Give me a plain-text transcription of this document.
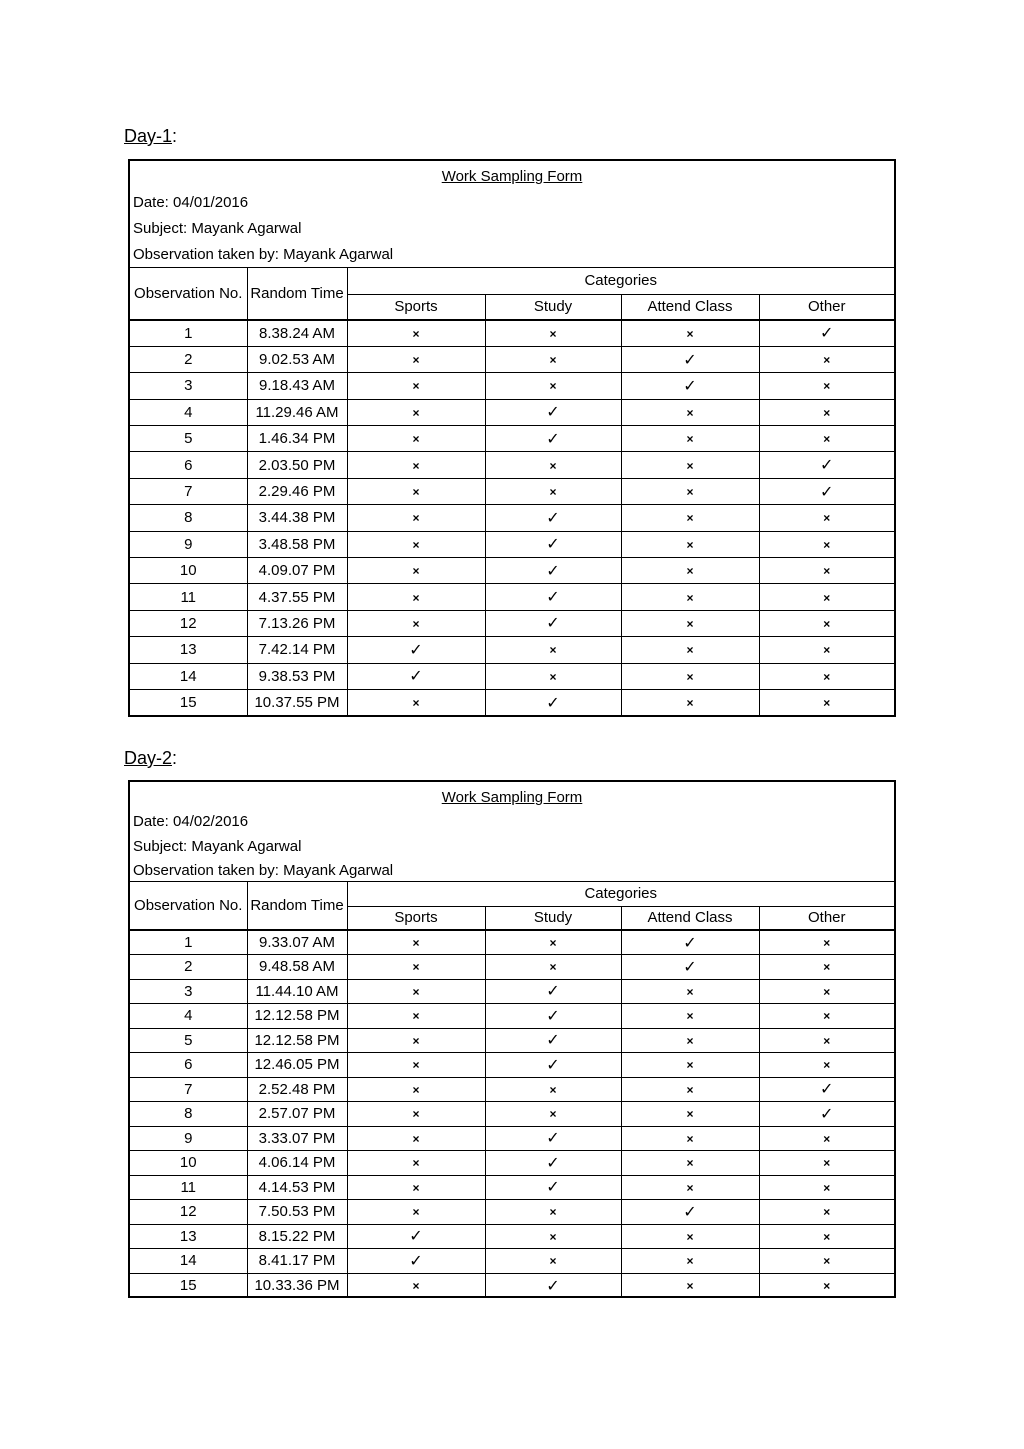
Day-1:
Work Sampling Form
Date: 04/01/2016
Subject: Mayank Agarwal
Observation taken by: Mayank Agarwal
Observation No.	Random Time	Categories			
		Sports	Study	Attend Class	Other
1	8.38.24 AM	×	×	×	✓
2	9.02.53 AM	×	×	✓	×
3	9.18.43 AM	×	×	✓	×
4	11.29.46 AM	×	✓	×	×
5	1.46.34 PM	×	✓	×	×
6	2.03.50 PM	×	×	×	✓
7	2.29.46 PM	×	×	×	✓
8	3.44.38 PM	×	✓	×	×
9	3.48.58 PM	×	✓	×	×
10	4.09.07 PM	×	✓	×	×
11	4.37.55 PM	×	✓	×	×
12	7.13.26 PM	×	✓	×	×
13	7.42.14 PM	✓	×	×	×
14	9.38.53 PM	✓	×	×	×
15	10.37.55 PM	×	✓	×	×
Day-2:
Work Sampling Form
Date: 04/02/2016
Subject: Mayank Agarwal
Observation taken by: Mayank Agarwal
Observation No.	Random Time	Categories			
		Sports	Study	Attend Class	Other
1	9.33.07 AM	×	×	✓	×
2	9.48.58 AM	×	×	✓	×
3	11.44.10 AM	×	✓	×	×
4	12.12.58 PM	×	✓	×	×
5	12.12.58 PM	×	✓	×	×
6	12.46.05 PM	×	✓	×	×
7	2.52.48 PM	×	×	×	✓
8	2.57.07 PM	×	×	×	✓
9	3.33.07 PM	×	✓	×	×
10	4.06.14 PM	×	✓	×	×
11	4.14.53 PM	×	✓	×	×
12	7.50.53 PM	×	×	✓	×
13	8.15.22 PM	✓	×	×	×
14	8.41.17 PM	✓	×	×	×
15	10.33.36 PM	×	✓	×	×
